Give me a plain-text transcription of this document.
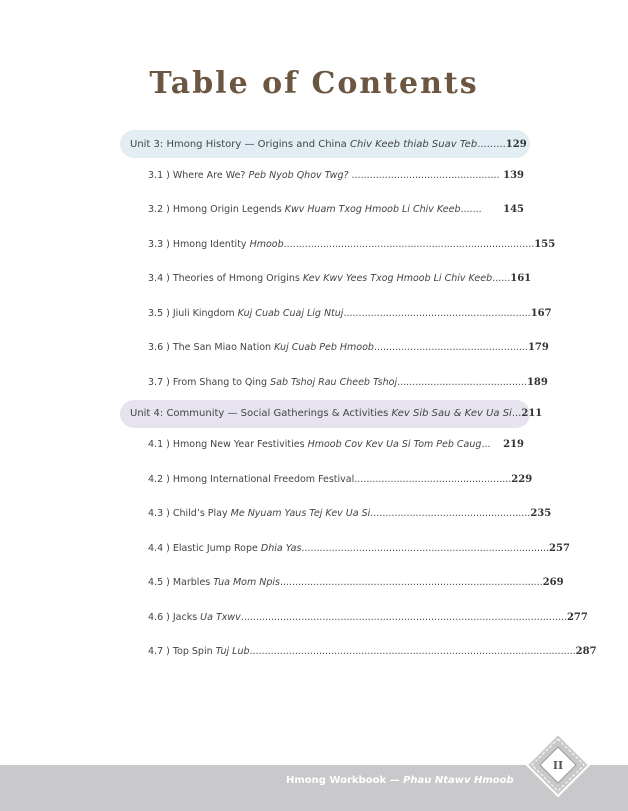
Table of Contents
Unit 3: Hmong History — Origins and China Chiv Keeb thiab Suav Teb......... 129
3.1 ) Where Are We? Peb Nyob Qhov Twg? ................................................. 139
3.2 ) Hmong Origin Legends Kwv Huam Txog Hmoob Li Chiv Keeb.......	145
3.3 ) Hmong Identity Hmoob................................................................................... 155
3.4 ) Theories of Hmong Origins Kev Kwv Yees Txog Hmoob Li Chiv Keeb...... 161
3.5 ) Jiuli Kingdom Kuj Cuab Cuaj Lig Ntuj.............................................................. 167
3.6 ) The San Miao Nation Kuj Cuab Peb Hmoob................................................... 179
3.7 ) From Shang to Qing Sab Tshoj Rau Cheeb Tshoj........................................... 189
Unit 4: Community — Social Gatherings & Activities Kev Sib Sau & Kev Ua Si... 211
4.1 ) Hmong New Year Festivities Hmoob Cov Kev Ua Si Tom Peb Caug...	219
4.2 ) Hmong International Freedom Festival.................................................... 229
4.3 ) Child’s Play Me Nyuam Yaus Tej Kev Ua Si..................................................... 235
4.4 ) Elastic Jump Rope Dhia Yas.................................................................................. 257
4.5 ) Marbles Tua Mom Npis....................................................................................... 269
4.6 ) Jacks Ua Txwv............................................................................................................ 277
4.7 ) Top Spin Tuj Lub............................................................................................................ 287
Hmong Workbook — Phau Ntawv Hmoob
II
